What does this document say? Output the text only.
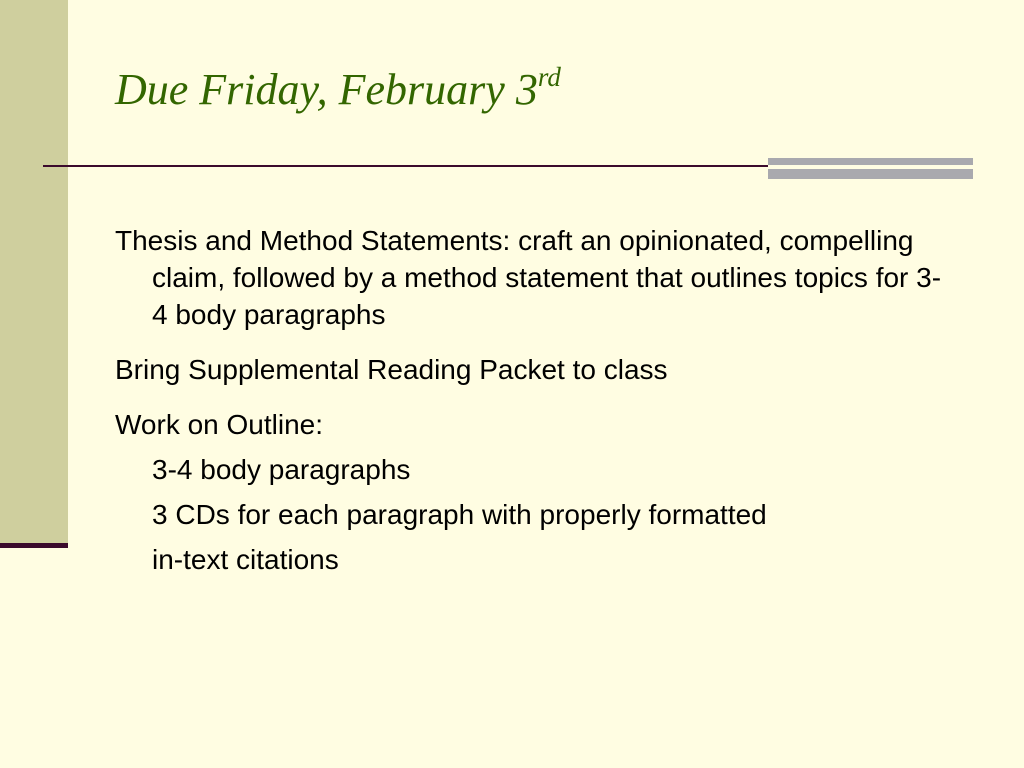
Due Friday, February 3rd
Thesis and Method Statements: craft an opinionated, compelling claim, followed by a method statement that outlines topics for 3-4 body paragraphs
Bring Supplemental Reading Packet to class
Work on Outline:
3-4 body paragraphs
3 CDs for each paragraph with properly formatted
in-text citations
